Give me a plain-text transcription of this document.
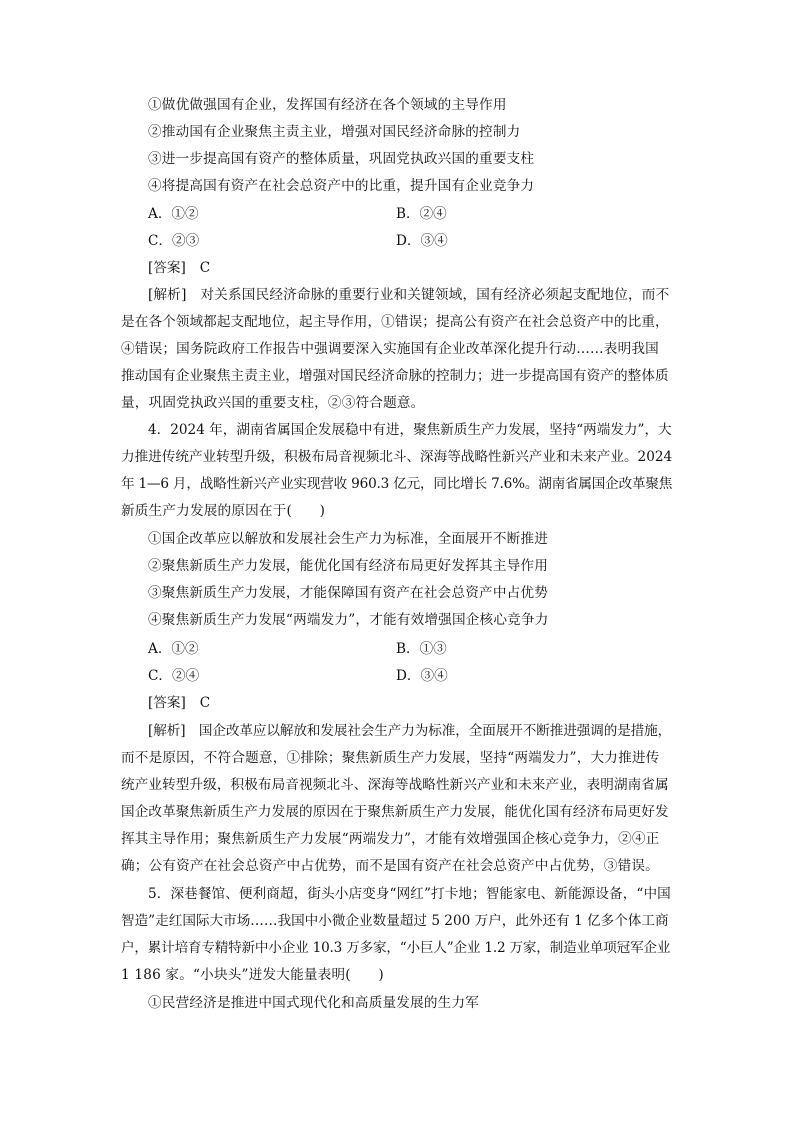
①做优做强国有企业，发挥国有经济在各个领域的主导作用
②推动国有企业聚焦主责主业，增强对国民经济命脉的控制力
③进一步提高国有资产的整体质量，巩固党执政兴国的重要支柱
④将提高国有资产在社会总资产中的比重，提升国有企业竞争力
A．①②	B．②④
C．②③	D．③④
[答案] C
[解析]　对关系国民经济命脉的重要行业和关键领域，国有经济必须起支配地位，而不
是在各个领域都起支配地位，起主导作用，①错误；提高公有资产在社会总资产中的比重，
④错误；国务院政府工作报告中强调要深入实施国有企业改革深化提升行动……表明我国
推动国有企业聚焦主责主业，增强对国民经济命脉的控制力；进一步提高国有资产的整体质
量，巩固党执政兴国的重要支柱，②③符合题意。
4．2024 年，湖南省属国企发展稳中有进，聚焦新质生产力发展，坚持“两端发力”，大
力推进传统产业转型升级，积极布局音视频北斗、深海等战略性新兴产业和未来产业。2024
年 1—6 月，战略性新兴产业实现营收 960.3 亿元，同比增长 7.6%。湖南省属国企改革聚焦
新质生产力发展的原因在于(　　)
①国企改革应以解放和发展社会生产力为标准，全面展开不断推进
②聚焦新质生产力发展，能优化国有经济布局更好发挥其主导作用
③聚焦新质生产力发展，才能保障国有资产在社会总资产中占优势
④聚焦新质生产力发展“两端发力”，才能有效增强国企核心竞争力
A．①②	B．①③
C．②④	D．③④
[答案] C
[解析]　国企改革应以解放和发展社会生产力为标准，全面展开不断推进强调的是措施，
而不是原因，不符合题意，①排除；聚焦新质生产力发展，坚持“两端发力”，大力推进传
统产业转型升级，积极布局音视频北斗、深海等战略性新兴产业和未来产业，表明湖南省属
国企改革聚焦新质生产力发展的原因在于聚焦新质生产力发展，能优化国有经济布局更好发
挥其主导作用；聚焦新质生产力发展“两端发力”，才能有效增强国企核心竞争力，②④正
确；公有资产在社会总资产中占优势，而不是国有资产在社会总资产中占优势，③错误。
5．深巷餐馆、便利商超，街头小店变身“网红”打卡地；智能家电、新能源设备，“中国
智造”走红国际大市场……我国中小微企业数量超过 5 200 万户，此外还有 1 亿多个体工商
户，累计培育专精特新中小企业 10.3 万多家，“小巨人”企业 1.2 万家，制造业单项冠军企业
1 186 家。“小块头”迸发大能量表明(　　)
①民营经济是推进中国式现代化和高质量发展的生力军
